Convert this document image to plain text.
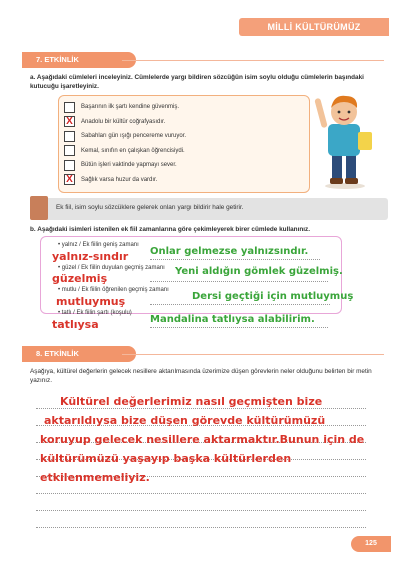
MİLLİ KÜLTÜRÜMÜZ
7. ETKİNLİK
a. Aşağıdaki cümleleri inceleyiniz. Cümlelerde yargı bildiren sözcüğün isim soylu olduğu cümlelerin başındaki kutucuğu işaretleyiniz.
Başarının ilk şartı kendine güvenmiş.
X Anadolu bir kültür coğrafyasıdır.
Sabahları gün ışığı pencereme vuruyor.
Kemal, sınıfın en çalışkan öğrencisiydi.
Bütün işleri vaktinde yapmayı sever.
X Sağlık varsa huzur da vardır.
Ek fiil, isim soylu sözcüklere gelerek onları yargı bildirir hale getirir.
b. Aşağıdaki isimleri istenilen ek fiil zamanlarına göre çekimleyerek birer cümlede kullanınız.
• yalnız / Ek fiilin geniş zamanı
yalnız-sındır Onlar gelmezse yalnızsındır.
• güzel / Ek fiilin duyulan geçmiş zamanı
güzelmiş
Yeni aldığın gömlek güzelmiş.
• mutlu / Ek fiilin öğrenilen geçmiş zamanı
mutluymuş	Dersi geçtiği için mutluymuş
• tatlı / Ek fiilin şartı (koşulu)
tatlıysa	Mandalina tatlıysa alabilirim.
8. ETKİNLİK
Aşağıya, kültürel değerlerin gelecek nesillere aktarılmasında üzerimize düşen görevlerin neler olduğunu belirten bir metin yazınız.
Kültürel değerlerimiz nasıl geçmişten bize
aktarıldıysa bize düşen görevde kültürümüzü
koruyup gelecek nesillere aktarmaktır.Bunun için de
kültürümüzü yaşayıp başka kültürlerden
etkilenmemeliyiz.
125
